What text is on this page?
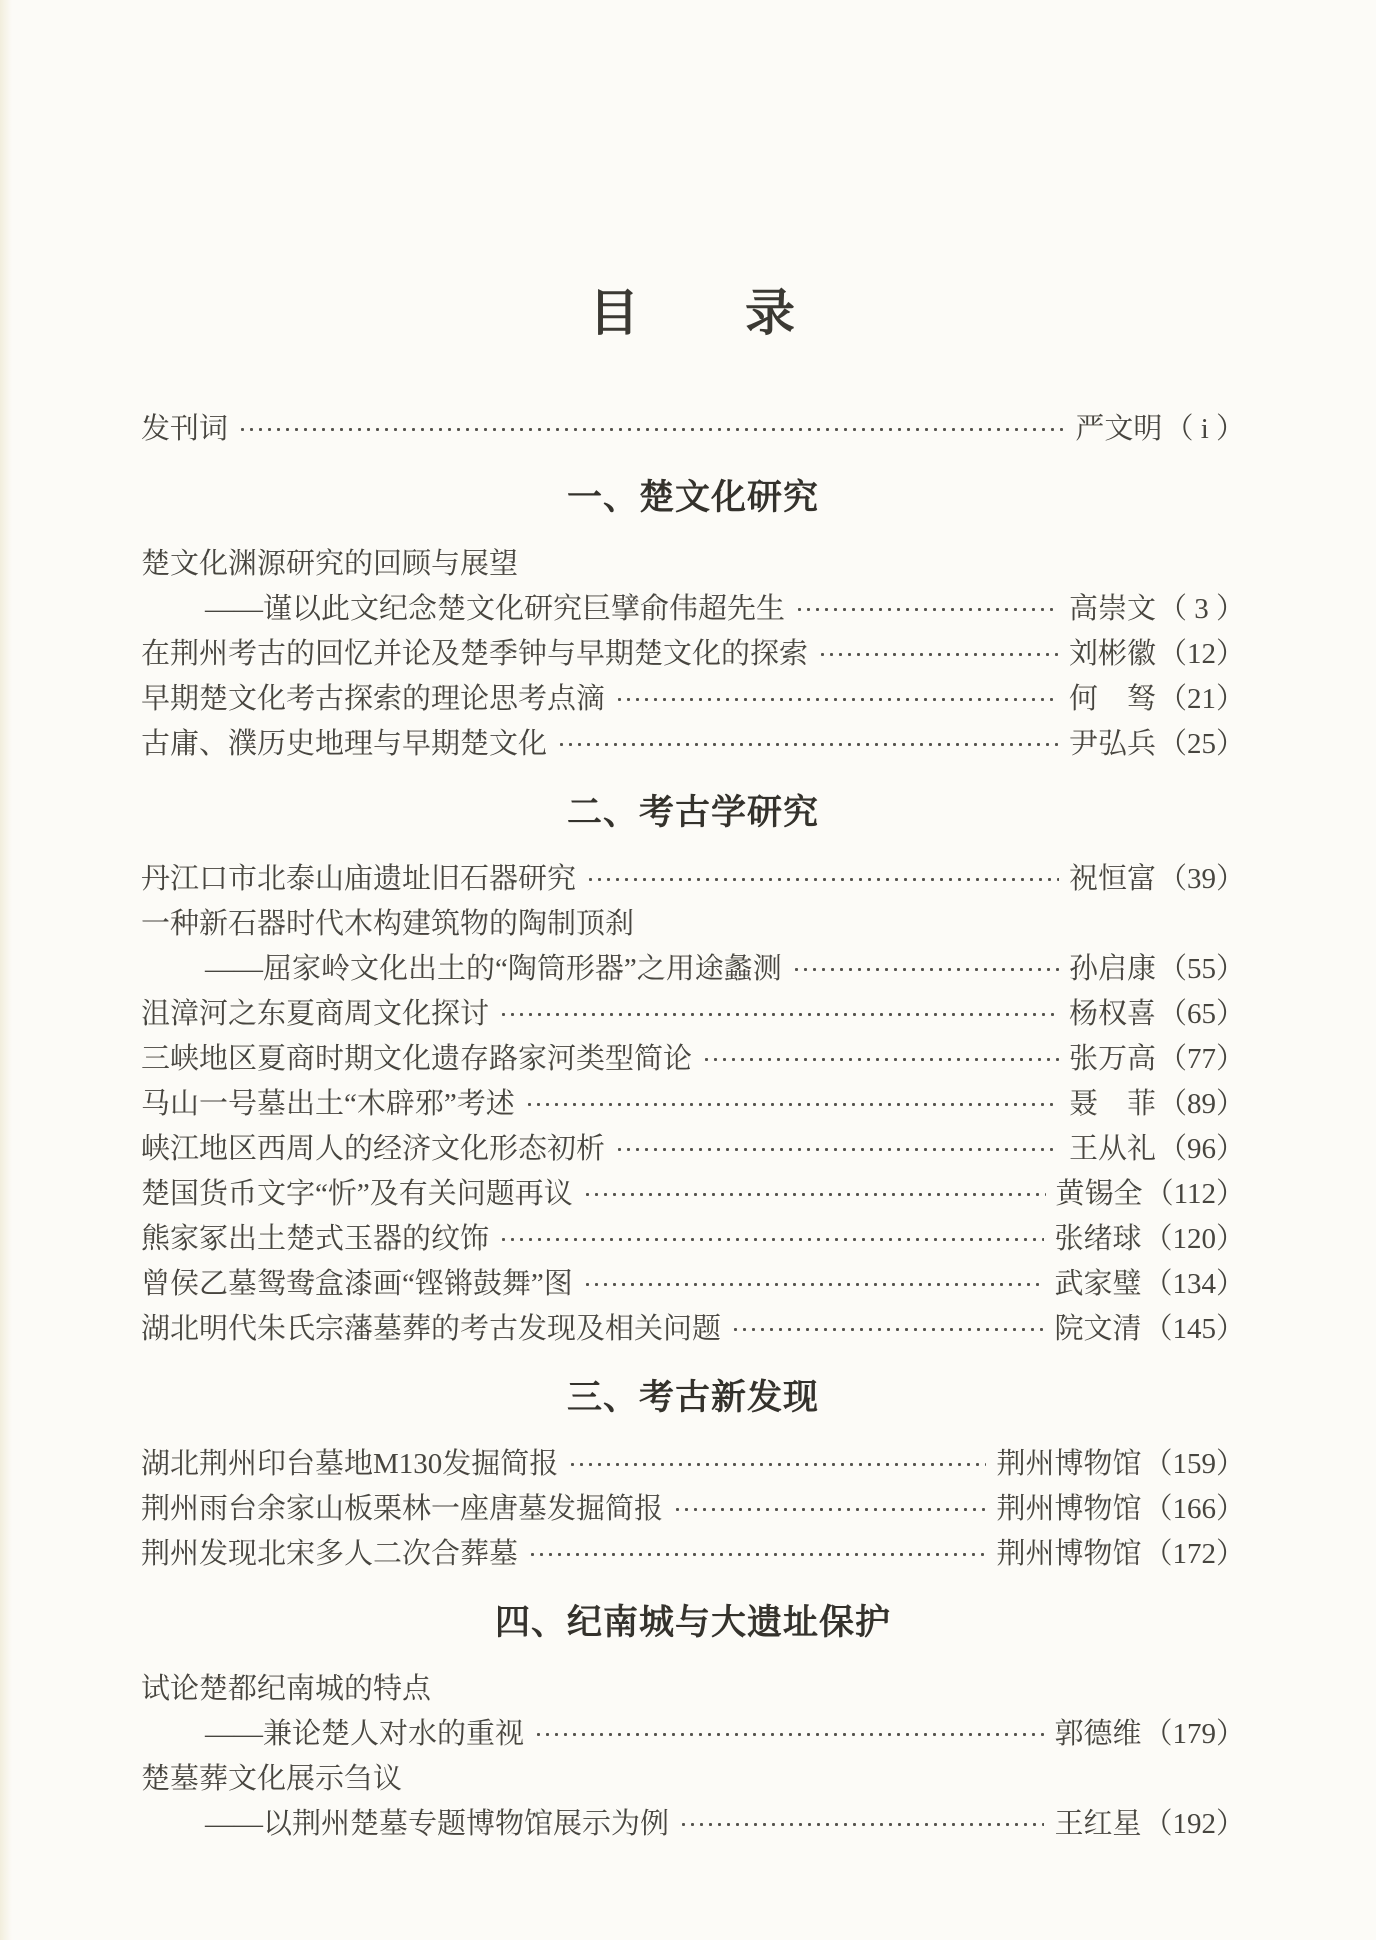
目　　录
发刊词	严文明（ i ）
一、楚文化研究
楚文化渊源研究的回顾与展望
——谨以此文纪念楚文化研究巨擘俞伟超先生	高崇文（ 3 ）
在荆州考古的回忆并论及楚季钟与早期楚文化的探索	刘彬徽（12）
早期楚文化考古探索的理论思考点滴	何　驽（21）
古庸、濮历史地理与早期楚文化	尹弘兵（25）
二、考古学研究
丹江口市北泰山庙遗址旧石器研究	祝恒富（39）
一种新石器时代木构建筑物的陶制顶刹
——屈家岭文化出土的“陶筒形器”之用途蠡测	孙启康（55）
沮漳河之东夏商周文化探讨	杨权喜（65）
三峡地区夏商时期文化遗存路家河类型简论	张万高（77）
马山一号墓出土“木辟邪”考述	聂　菲（89）
峡江地区西周人的经济文化形态初析	王从礼（96）
楚国货币文字“忻”及有关问题再议	黄锡全（112）
熊家冢出土楚式玉器的纹饰	张绪球（120）
曾侯乙墓鸳鸯盒漆画“铿锵鼓舞”图	武家璧（134）
湖北明代朱氏宗藩墓葬的考古发现及相关问题	院文清（145）
三、考古新发现
湖北荆州印台墓地M130发掘简报	荆州博物馆（159）
荆州雨台余家山板栗林一座唐墓发掘简报	荆州博物馆（166）
荆州发现北宋多人二次合葬墓	荆州博物馆（172）
四、纪南城与大遗址保护
试论楚都纪南城的特点
——兼论楚人对水的重视	郭德维（179）
楚墓葬文化展示刍议
——以荆州楚墓专题博物馆展示为例	王红星（192）
